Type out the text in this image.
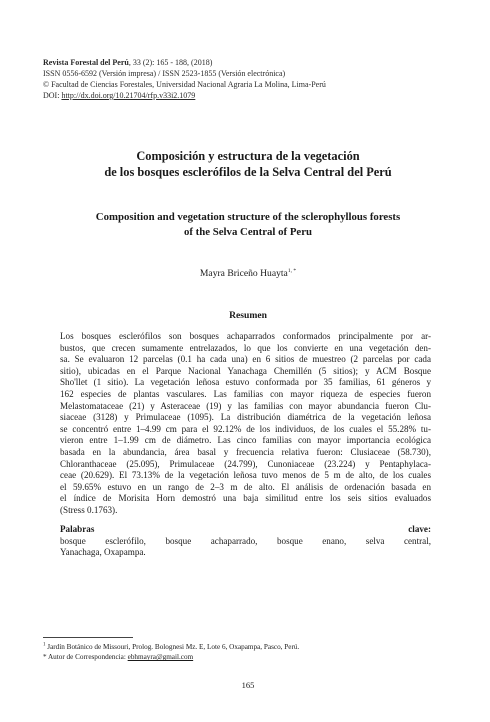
Revista Forestal del Perú, 33 (2): 165 - 188, (2018)
ISSN 0556-6592 (Versión impresa) / ISSN 2523-1855 (Versión electrónica)
© Facultad de Ciencias Forestales, Universidad Nacional Agraria La Molina, Lima-Perú
DOI: http://dx.doi.org/10.21704/rfp.v33i2.1079
Composición y estructura de la vegetación
de los bosques esclerófilos de la Selva Central del Perú
Composition and vegetation structure of the sclerophyllous forests
of the Selva Central of Peru
Mayra Briceño Huayta$^{1, *}$
Resumen
Los bosques esclerófilos son bosques achaparrados conformados principalmente por ar-
bustos, que crecen sumamente entrelazados, lo que los convierte en una vegetación den-
sa. Se evaluaron 12 parcelas (0.1 ha cada una) en 6 sitios de muestreo (2 parcelas por cada
sitio), ubicadas en el Parque Nacional Yanachaga Chemillén (5 sitios); y ACM Bosque
Sho'llet (1 sitio). La vegetación leñosa estuvo conformada por 35 familias, 61 géneros y
162 especies de plantas vasculares. Las familias con mayor riqueza de especies fueron
Melastomataceae (21) y Asteraceae (19) y las familias con mayor abundancia fueron Clu-
siaceae (3128) y Primulaceae (1095). La distribución diamétrica de la vegetación leñosa
se concentró entre 1–4.99 cm para el 92.12% de los individuos, de los cuales el 55.28% tu-
vieron entre 1–1.99 cm de diámetro. Las cinco familias con mayor importancia ecológica
basada en la abundancia, área basal y frecuencia relativa fueron: Clusiaceae (58.730),
Chloranthaceae (25.095), Primulaceae (24.799), Cunoniaceae (23.224) y Pentaphylaca-
ceae (20.629). El 73.13% de la vegetación leñosa tuvo menos de 5 m de alto, de los cuales
el 59.65% estuvo en un rango de 2–3 m de alto. El análisis de ordenación basada en
el índice de Morisita Horn demostró una baja similitud entre los seis sitios evaluados
(Stress 0.1763).
Palabras clave:
bosque esclerófilo, bosque achaparrado, bosque enano, selva central,
Yanachaga, Oxapampa.
$^1$ Jardín Botánico de Missouri, Prolog. Bolognesi Mz. E, Lote 6, Oxapampa, Pasco, Perú.
* Autor de Correspondencia: ebhmayra@gmail.com
165
